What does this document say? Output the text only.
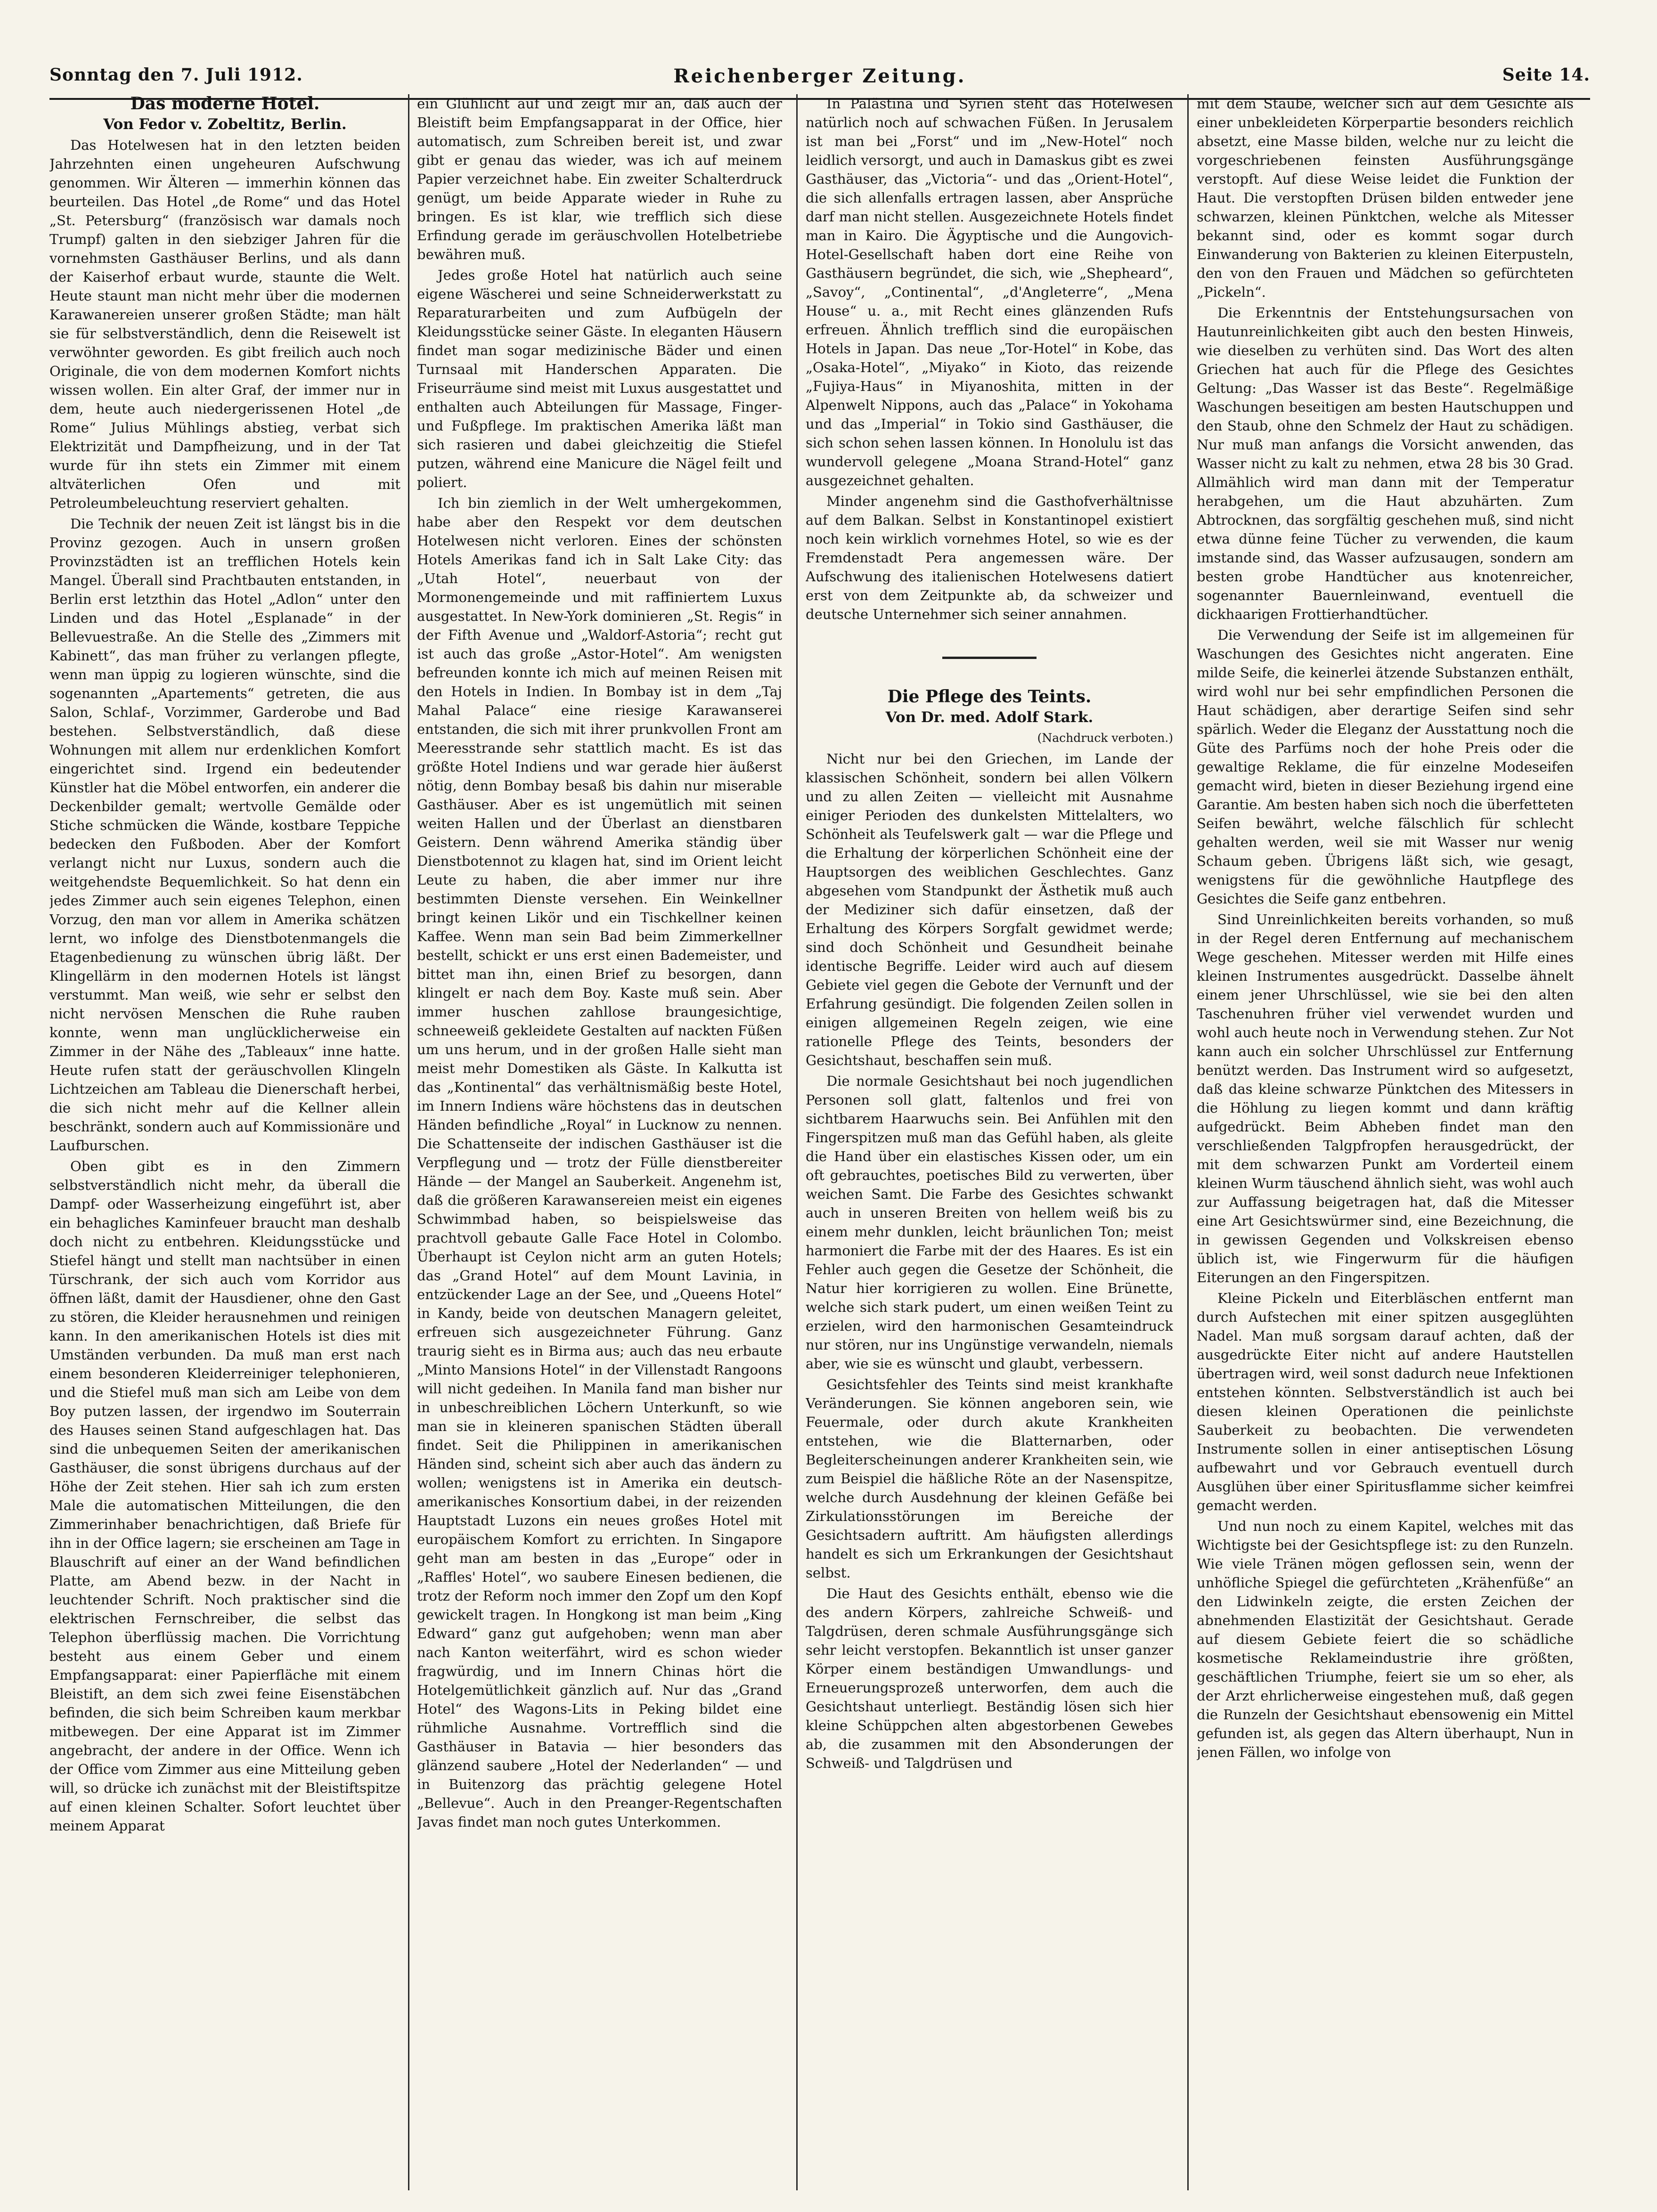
Reichenberger Zeitung.
Sonntag den 7. Juli 1912.	Seite 14.

Das moderne Hotel.

Von Fedor v. Zobeltitz, Berlin.

Das Hotelwesen hat in den letzten beiden Jahrzehnten einen ungeheuren Aufschwung genommen. Wir Älteren — immerhin können das beurteilen. Das Hotel „de Rome“ und das Hotel „St. Petersburg“ (französisch war damals noch Trumpf) galten in den siebziger Jahren für die vornehmsten Gasthäuser Berlins, und als dann der Kaiserhof erbaut wurde, staunte die Welt. Heute staunt man nicht mehr über die modernen Karawanereien unserer großen Städte; man hält sie für selbstverständlich, denn die Reisewelt ist verwöhnter geworden. Es gibt freilich auch noch Originale, die von dem modernen Komfort nichts wissen wollen. Ein alter Graf, der immer nur in dem, heute auch niedergerissenen Hotel „de Rome“ Julius Mühlings abstieg, verbat sich Elektrizität und Dampfheizung, und in der Tat wurde für ihn stets ein Zimmer mit einem altväterlichen Ofen und mit Petroleumbeleuchtung reserviert gehalten.

Die Technik der neuen Zeit ist längst bis in die Provinz gezogen. Auch in unsern großen Provinzstädten ist an trefflichen Hotels kein Mangel. Überall sind Prachtbauten entstanden, in Berlin erst letzthin das Hotel „Adlon“ unter den Linden und das Hotel „Esplanade“ in der Bellevuestraße. An die Stelle des „Zimmers mit Kabinett“, das man früher zu verlangen pflegte, wenn man üppig zu logieren wünschte, sind die sogenannten „Apartements“ getreten, die aus Salon, Schlaf-, Vorzimmer, Garderobe und Bad bestehen. Selbstverständlich, daß diese Wohnungen mit allem nur erdenklichen Komfort eingerichtet sind. Irgend ein bedeutender Künstler hat die Möbel entworfen, ein anderer die Deckenbilder gemalt; wertvolle Gemälde oder Stiche schmücken die Wände, kostbare Teppiche bedecken den Fußboden. Aber der Komfort verlangt nicht nur Luxus, sondern auch die weitgehendste Bequemlichkeit. So hat denn ein jedes Zimmer auch sein eigenes Telephon, einen Vorzug, den man vor allem in Amerika schätzen lernt, wo infolge des Dienstbotenmangels die Etagenbedienung zu wünschen übrig läßt. Der Klingellärm in den modernen Hotels ist längst verstummt. Man weiß, wie sehr er selbst den nicht nervösen Menschen die Ruhe rauben konnte, wenn man unglücklicherweise ein Zimmer in der Nähe des „Tableaux“ inne hatte. Heute rufen statt der geräuschvollen Klingeln Lichtzeichen am Tableau die Dienerschaft herbei, die sich nicht mehr auf die Kellner allein beschränkt, sondern auch auf Kommissionäre und Laufburschen.

Oben gibt es in den Zimmern selbstverständlich nicht mehr, da überall die Dampf- oder Wasserheizung eingeführt ist, aber ein behagliches Kaminfeuer braucht man deshalb doch nicht zu entbehren. Kleidungsstücke und Stiefel hängt und stellt man nachtsüber in einen Türschrank, der sich auch vom Korridor aus öffnen läßt, damit der Hausdiener, ohne den Gast zu stören, die Kleider herausnehmen und reinigen kann. In den amerikanischen Hotels ist dies mit Umständen verbunden. Da muß man erst nach einem besonderen Kleiderreiniger telephonieren, und die Stiefel muß man sich am Leibe von dem Boy putzen lassen, der irgendwo im Souterrain des Hauses seinen Stand aufgeschlagen hat. Das sind die unbequemen Seiten der amerikanischen Gasthäuser, die sonst übrigens durchaus auf der Höhe der Zeit stehen. Hier sah ich zum ersten Male die automatischen Mitteilungen, die den Zimmerinhaber benachrichtigen, daß Briefe für ihn in der Office lagern; sie erscheinen am Tage in Blauschrift auf einer an der Wand befindlichen Platte, am Abend bezw. in der Nacht in leuchtender Schrift. Noch praktischer sind die elektrischen Fernschreiber, die selbst das Telephon überflüssig machen. Die Vorrichtung besteht aus einem Geber und einem Empfangsapparat: einer Papierfläche mit einem Bleistift, an dem sich zwei feine Eisenstäbchen befinden, die sich beim Schreiben kaum merkbar mitbewegen. Der eine Apparat ist im Zimmer angebracht, der andere in der Office. Wenn ich der Office vom Zimmer aus eine Mitteilung geben will, so drücke ich zunächst mit der Bleistiftspitze auf einen kleinen Schalter. Sofort leuchtet über meinem Apparat

ein Glühlicht auf und zeigt mir an, daß auch der Bleistift beim Empfangsapparat in der Office, hier automatisch, zum Schreiben bereit ist, und zwar gibt er genau das wieder, was ich auf meinem Papier verzeichnet habe. Ein zweiter Schalterdruck genügt, um beide Apparate wieder in Ruhe zu bringen. Es ist klar, wie trefflich sich diese Erfindung gerade im geräuschvollen Hotelbetriebe bewähren muß.

Jedes große Hotel hat natürlich auch seine eigene Wäscherei und seine Schneiderwerkstatt zu Reparaturarbeiten und zum Aufbügeln der Kleidungsstücke seiner Gäste. In eleganten Häusern findet man sogar medizinische Bäder und einen Turnsaal mit Handerschen Apparaten. Die Friseurräume sind meist mit Luxus ausgestattet und enthalten auch Abteilungen für Massage, Finger- und Fußpflege. Im praktischen Amerika läßt man sich rasieren und dabei gleichzeitig die Stiefel putzen, während eine Manicure die Nägel feilt und poliert.

Ich bin ziemlich in der Welt umhergekommen, habe aber den Respekt vor dem deutschen Hotelwesen nicht verloren. Eines der schönsten Hotels Amerikas fand ich in Salt Lake City: das „Utah Hotel“, neuerbaut von der Mormonengemeinde und mit raffiniertem Luxus ausgestattet. In New-York dominieren „St. Regis“ in der Fifth Avenue und „Waldorf-Astoria“; recht gut ist auch das große „Astor-Hotel“. Am wenigsten befreunden konnte ich mich auf meinen Reisen mit den Hotels in Indien. In Bombay ist in dem „Taj Mahal Palace“ eine riesige Karawanserei entstanden, die sich mit ihrer prunkvollen Front am Meeresstrande sehr stattlich macht. Es ist das größte Hotel Indiens und war gerade hier äußerst nötig, denn Bombay besaß bis dahin nur miserable Gasthäuser. Aber es ist ungemütlich mit seinen weiten Hallen und der Überlast an dienstbaren Geistern. Denn während Amerika ständig über Dienstbotennot zu klagen hat, sind im Orient leicht Leute zu haben, die aber immer nur ihre bestimmten Dienste versehen. Ein Weinkellner bringt keinen Likör und ein Tischkellner keinen Kaffee. Wenn man sein Bad beim Zimmerkellner bestellt, schickt er uns erst einen Bademeister, und bittet man ihn, einen Brief zu besorgen, dann klingelt er nach dem Boy. Kaste muß sein. Aber immer huschen zahllose braungesichtige, schneeweiß gekleidete Gestalten auf nackten Füßen um uns herum, und in der großen Halle sieht man meist mehr Domestiken als Gäste. In Kalkutta ist das „Kontinental“ das verhältnismäßig beste Hotel, im Innern Indiens wäre höchstens das in deutschen Händen befindliche „Royal“ in Lucknow zu nennen. Die Schattenseite der indischen Gasthäuser ist die Verpflegung und — trotz der Fülle dienstbereiter Hände — der Mangel an Sauberkeit. Angenehm ist, daß die größeren Karawansereien meist ein eigenes Schwimmbad haben, so beispielsweise das prachtvoll gebaute Galle Face Hotel in Colombo. Überhaupt ist Ceylon nicht arm an guten Hotels; das „Grand Hotel“ auf dem Mount Lavinia, in entzückender Lage an der See, und „Queens Hotel“ in Kandy, beide von deutschen Managern geleitet, erfreuen sich ausgezeichneter Führung. Ganz traurig sieht es in Birma aus; auch das neu erbaute „Minto Mansions Hotel“ in der Villenstadt Rangoons will nicht gedeihen. In Manila fand man bisher nur in unbeschreiblichen Löchern Unterkunft, so wie man sie in kleineren spanischen Städten überall findet. Seit die Philippinen in amerikanischen Händen sind, scheint sich aber auch das ändern zu wollen; wenigstens ist in Amerika ein deutsch-amerikanisches Konsortium dabei, in der reizenden Hauptstadt Luzons ein neues großes Hotel mit europäischem Komfort zu errichten. In Singapore geht man am besten in das „Europe“ oder in „Raffles' Hotel“, wo saubere Einesen bedienen, die trotz der Reform noch immer den Zopf um den Kopf gewickelt tragen. In Hongkong ist man beim „King Edward“ ganz gut aufgehoben; wenn man aber nach Kanton weiterfährt, wird es schon wieder fragwürdig, und im Innern Chinas hört die Hotelgemütlichkeit gänzlich auf. Nur das „Grand Hotel“ des Wagons-Lits in Peking bildet eine rühmliche Ausnahme. Vortrefflich sind die Gasthäuser in Batavia — hier besonders das glänzend saubere „Hotel der Nederlanden“ — und in Buitenzorg das prächtig gelegene Hotel „Bellevue“. Auch in den Preanger-Regentschaften Javas findet man noch gutes Unterkommen.

In Palästina und Syrien steht das Hotelwesen natürlich noch auf schwachen Füßen. In Jerusalem ist man bei „Forst“ und im „New-Hotel“ noch leidlich versorgt, und auch in Damaskus gibt es zwei Gasthäuser, das „Victoria“- und das „Orient-Hotel“, die sich allenfalls ertragen lassen, aber Ansprüche darf man nicht stellen. Ausgezeichnete Hotels findet man in Kairo. Die Ägyptische und die Aungovich-Hotel-Gesellschaft haben dort eine Reihe von Gasthäusern begründet, die sich, wie „Shepheard“, „Savoy“, „Continental“, „d'Angleterre“, „Mena House“ u. a., mit Recht eines glänzenden Rufs erfreuen. Ähnlich trefflich sind die europäischen Hotels in Japan. Das neue „Tor-Hotel“ in Kobe, das „Osaka-Hotel“, „Miyako“ in Kioto, das reizende „Fujiya-Haus“ in Miyanoshita, mitten in der Alpenwelt Nippons, auch das „Palace“ in Yokohama und das „Imperial“ in Tokio sind Gasthäuser, die sich schon sehen lassen können. In Honolulu ist das wundervoll gelegene „Moana Strand-Hotel“ ganz ausgezeichnet gehalten.

Minder angenehm sind die Gasthofverhältnisse auf dem Balkan. Selbst in Konstantinopel existiert noch kein wirklich vornehmes Hotel, so wie es der Fremdenstadt Pera angemessen wäre. Der Aufschwung des italienischen Hotelwesens datiert erst von dem Zeitpunkte ab, da schweizer und deutsche Unternehmer sich seiner annahmen.

Die Pflege des Teints.

Von Dr. med. Adolf Stark.

(Nachdruck verboten.)

Nicht nur bei den Griechen, im Lande der klassischen Schönheit, sondern bei allen Völkern und zu allen Zeiten — vielleicht mit Ausnahme einiger Perioden des dunkelsten Mittelalters, wo Schönheit als Teufelswerk galt — war die Pflege und die Erhaltung der körperlichen Schönheit eine der Hauptsorgen des weiblichen Geschlechtes. Ganz abgesehen vom Standpunkt der Ästhetik muß auch der Mediziner sich dafür einsetzen, daß der Erhaltung des Körpers Sorgfalt gewidmet werde; sind doch Schönheit und Gesundheit beinahe identische Begriffe. Leider wird auch auf diesem Gebiete viel gegen die Gebote der Vernunft und der Erfahrung gesündigt. Die folgenden Zeilen sollen in einigen allgemeinen Regeln zeigen, wie eine rationelle Pflege des Teints, besonders der Gesichtshaut, beschaffen sein muß.

Die normale Gesichtshaut bei noch jugendlichen Personen soll glatt, faltenlos und frei von sichtbarem Haarwuchs sein. Bei Anfühlen mit den Fingerspitzen muß man das Gefühl haben, als gleite die Hand über ein elastisches Kissen oder, um ein oft gebrauchtes, poetisches Bild zu verwerten, über weichen Samt. Die Farbe des Gesichtes schwankt auch in unseren Breiten von hellem weiß bis zu einem mehr dunklen, leicht bräunlichen Ton; meist harmoniert die Farbe mit der des Haares. Es ist ein Fehler auch gegen die Gesetze der Schönheit, die Natur hier korrigieren zu wollen. Eine Brünette, welche sich stark pudert, um einen weißen Teint zu erzielen, wird den harmonischen Gesamteindruck nur stören, nur ins Ungünstige verwandeln, niemals aber, wie sie es wünscht und glaubt, verbessern.

Gesichtsfehler des Teints sind meist krankhafte Veränderungen. Sie können angeboren sein, wie Feuermale, oder durch akute Krankheiten entstehen, wie die Blatternarben, oder Begleiterscheinungen anderer Krankheiten sein, wie zum Beispiel die häßliche Röte an der Nasenspitze, welche durch Ausdehnung der kleinen Gefäße bei Zirkulationsstörungen im Bereiche der Gesichtsadern auftritt. Am häufigsten allerdings handelt es sich um Erkrankungen der Gesichtshaut selbst.

Die Haut des Gesichts enthält, ebenso wie die des andern Körpers, zahlreiche Schweiß- und Talgdrüsen, deren schmale Ausführungsgänge sich sehr leicht verstopfen. Bekanntlich ist unser ganzer Körper einem beständigen Umwandlungs- und Erneuerungsprozeß unterworfen, dem auch die Gesichtshaut unterliegt. Beständig lösen sich hier kleine Schüppchen alten abgestorbenen Gewebes ab, die zusammen mit den Absonderungen der Schweiß- und Talgdrüsen und

mit dem Staube, welcher sich auf dem Gesichte als einer unbekleideten Körperpartie besonders reichlich absetzt, eine Masse bilden, welche nur zu leicht die vorgeschriebenen feinsten Ausführungsgänge verstopft. Auf diese Weise leidet die Funktion der Haut. Die verstopften Drüsen bilden entweder jene schwarzen, kleinen Pünktchen, welche als Mitesser bekannt sind, oder es kommt sogar durch Einwanderung von Bakterien zu kleinen Eiterpusteln, den von den Frauen und Mädchen so gefürchteten „Pickeln“.

Die Erkenntnis der Entstehungsursachen von Hautunreinlichkeiten gibt auch den besten Hinweis, wie dieselben zu verhüten sind. Das Wort des alten Griechen hat auch für die Pflege des Gesichtes Geltung: „Das Wasser ist das Beste“. Regelmäßige Waschungen beseitigen am besten Hautschuppen und den Staub, ohne den Schmelz der Haut zu schädigen. Nur muß man anfangs die Vorsicht anwenden, das Wasser nicht zu kalt zu nehmen, etwa 28 bis 30 Grad. Allmählich wird man dann mit der Temperatur herabgehen, um die Haut abzuhärten. Zum Abtrocknen, das sorgfältig geschehen muß, sind nicht etwa dünne feine Tücher zu verwenden, die kaum imstande sind, das Wasser aufzusaugen, sondern am besten grobe Handtücher aus knotenreicher, sogenannter Bauernleinwand, eventuell die dickhaarigen Frottierhandtücher.

Die Verwendung der Seife ist im allgemeinen für Waschungen des Gesichtes nicht angeraten. Eine milde Seife, die keinerlei ätzende Substanzen enthält, wird wohl nur bei sehr empfindlichen Personen die Haut schädigen, aber derartige Seifen sind sehr spärlich. Weder die Eleganz der Ausstattung noch die Güte des Parfüms noch der hohe Preis oder die gewaltige Reklame, die für einzelne Modeseifen gemacht wird, bieten in dieser Beziehung irgend eine Garantie. Am besten haben sich noch die überfetteten Seifen bewährt, welche fälschlich für schlecht gehalten werden, weil sie mit Wasser nur wenig Schaum geben. Übrigens läßt sich, wie gesagt, wenigstens für die gewöhnliche Hautpflege des Gesichtes die Seife ganz entbehren.

Sind Unreinlichkeiten bereits vorhanden, so muß in der Regel deren Entfernung auf mechanischem Wege geschehen. Mitesser werden mit Hilfe eines kleinen Instrumentes ausgedrückt. Dasselbe ähnelt einem jener Uhrschlüssel, wie sie bei den alten Taschenuhren früher viel verwendet wurden und wohl auch heute noch in Verwendung stehen. Zur Not kann auch ein solcher Uhrschlüssel zur Entfernung benützt werden. Das Instrument wird so aufgesetzt, daß das kleine schwarze Pünktchen des Mitessers in die Höhlung zu liegen kommt und dann kräftig aufgedrückt. Beim Abheben findet man den verschließenden Talgpfropfen herausgedrückt, der mit dem schwarzen Punkt am Vorderteil einem kleinen Wurm täuschend ähnlich sieht, was wohl auch zur Auffassung beigetragen hat, daß die Mitesser eine Art Gesichtswürmer sind, eine Bezeichnung, die in gewissen Gegenden und Volkskreisen ebenso üblich ist, wie Fingerwurm für die häufigen Eiterungen an den Fingerspitzen.

Kleine Pickeln und Eiterbläschen entfernt man durch Aufstechen mit einer spitzen ausgeglühten Nadel. Man muß sorgsam darauf achten, daß der ausgedrückte Eiter nicht auf andere Hautstellen übertragen wird, weil sonst dadurch neue Infektionen entstehen könnten. Selbstverständlich ist auch bei diesen kleinen Operationen die peinlichste Sauberkeit zu beobachten. Die verwendeten Instrumente sollen in einer antiseptischen Lösung aufbewahrt und vor Gebrauch eventuell durch Ausglühen über einer Spiritusflamme sicher keimfrei gemacht werden.

Und nun noch zu einem Kapitel, welches mit das Wichtigste bei der Gesichtspflege ist: zu den Runzeln. Wie viele Tränen mögen geflossen sein, wenn der unhöfliche Spiegel die gefürchteten „Krähenfüße“ an den Lidwinkeln zeigte, die ersten Zeichen der abnehmenden Elastizität der Gesichtshaut. Gerade auf diesem Gebiete feiert die so schädliche kosmetische Reklameindustrie ihre größten, geschäftlichen Triumphe, feiert sie um so eher, als der Arzt ehrlicherweise eingestehen muß, daß gegen die Runzeln der Gesichtshaut ebensowenig ein Mittel gefunden ist, als gegen das Altern überhaupt, Nun in jenen Fällen, wo infolge von
